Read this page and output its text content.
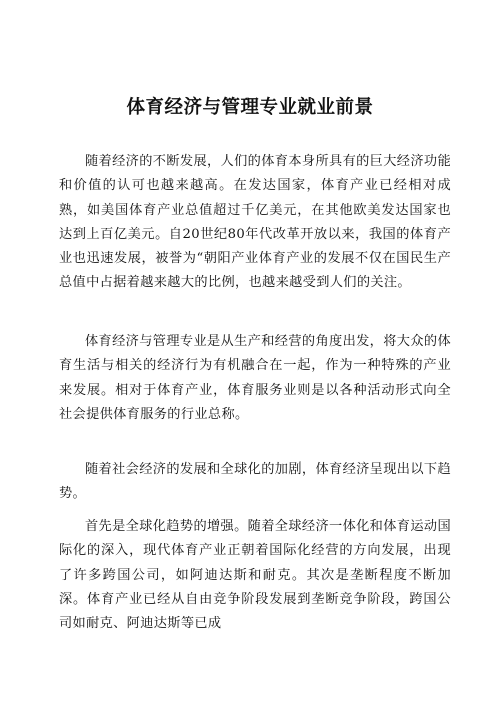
体育经济与管理专业就业前景

随着经济的不断发展，人们的体育本身所具有的巨大经济功能和价值的认可也越来越高。在发达国家，体育产业已经相对成熟，如美国体育产业总值超过千亿美元，在其他欧美发达国家也达到上百亿美元。自20世纪80年代改革开放以来，我国的体育产业也迅速发展，被誉为“朝阳产业体育产业的发展不仅在国民生产总值中占据着越来越大的比例，也越来越受到人们的关注。

体育经济与管理专业是从生产和经营的角度出发，将大众的体育生活与相关的经济行为有机融合在一起，作为一种特殊的产业来发展。相对于体育产业，体育服务业则是以各种活动形式向全社会提供体育服务的行业总称。

随着社会经济的发展和全球化的加剧，体育经济呈现出以下趋势。

首先是全球化趋势的增强。随着全球经济一体化和体育运动国际化的深入，现代体育产业正朝着国际化经营的方向发展，出现了许多跨国公司，如阿迪达斯和耐克。其次是垄断程度不断加深。体育产业已经从自由竞争阶段发展到垄断竞争阶段，跨国公司如耐克、阿迪达斯等已成
